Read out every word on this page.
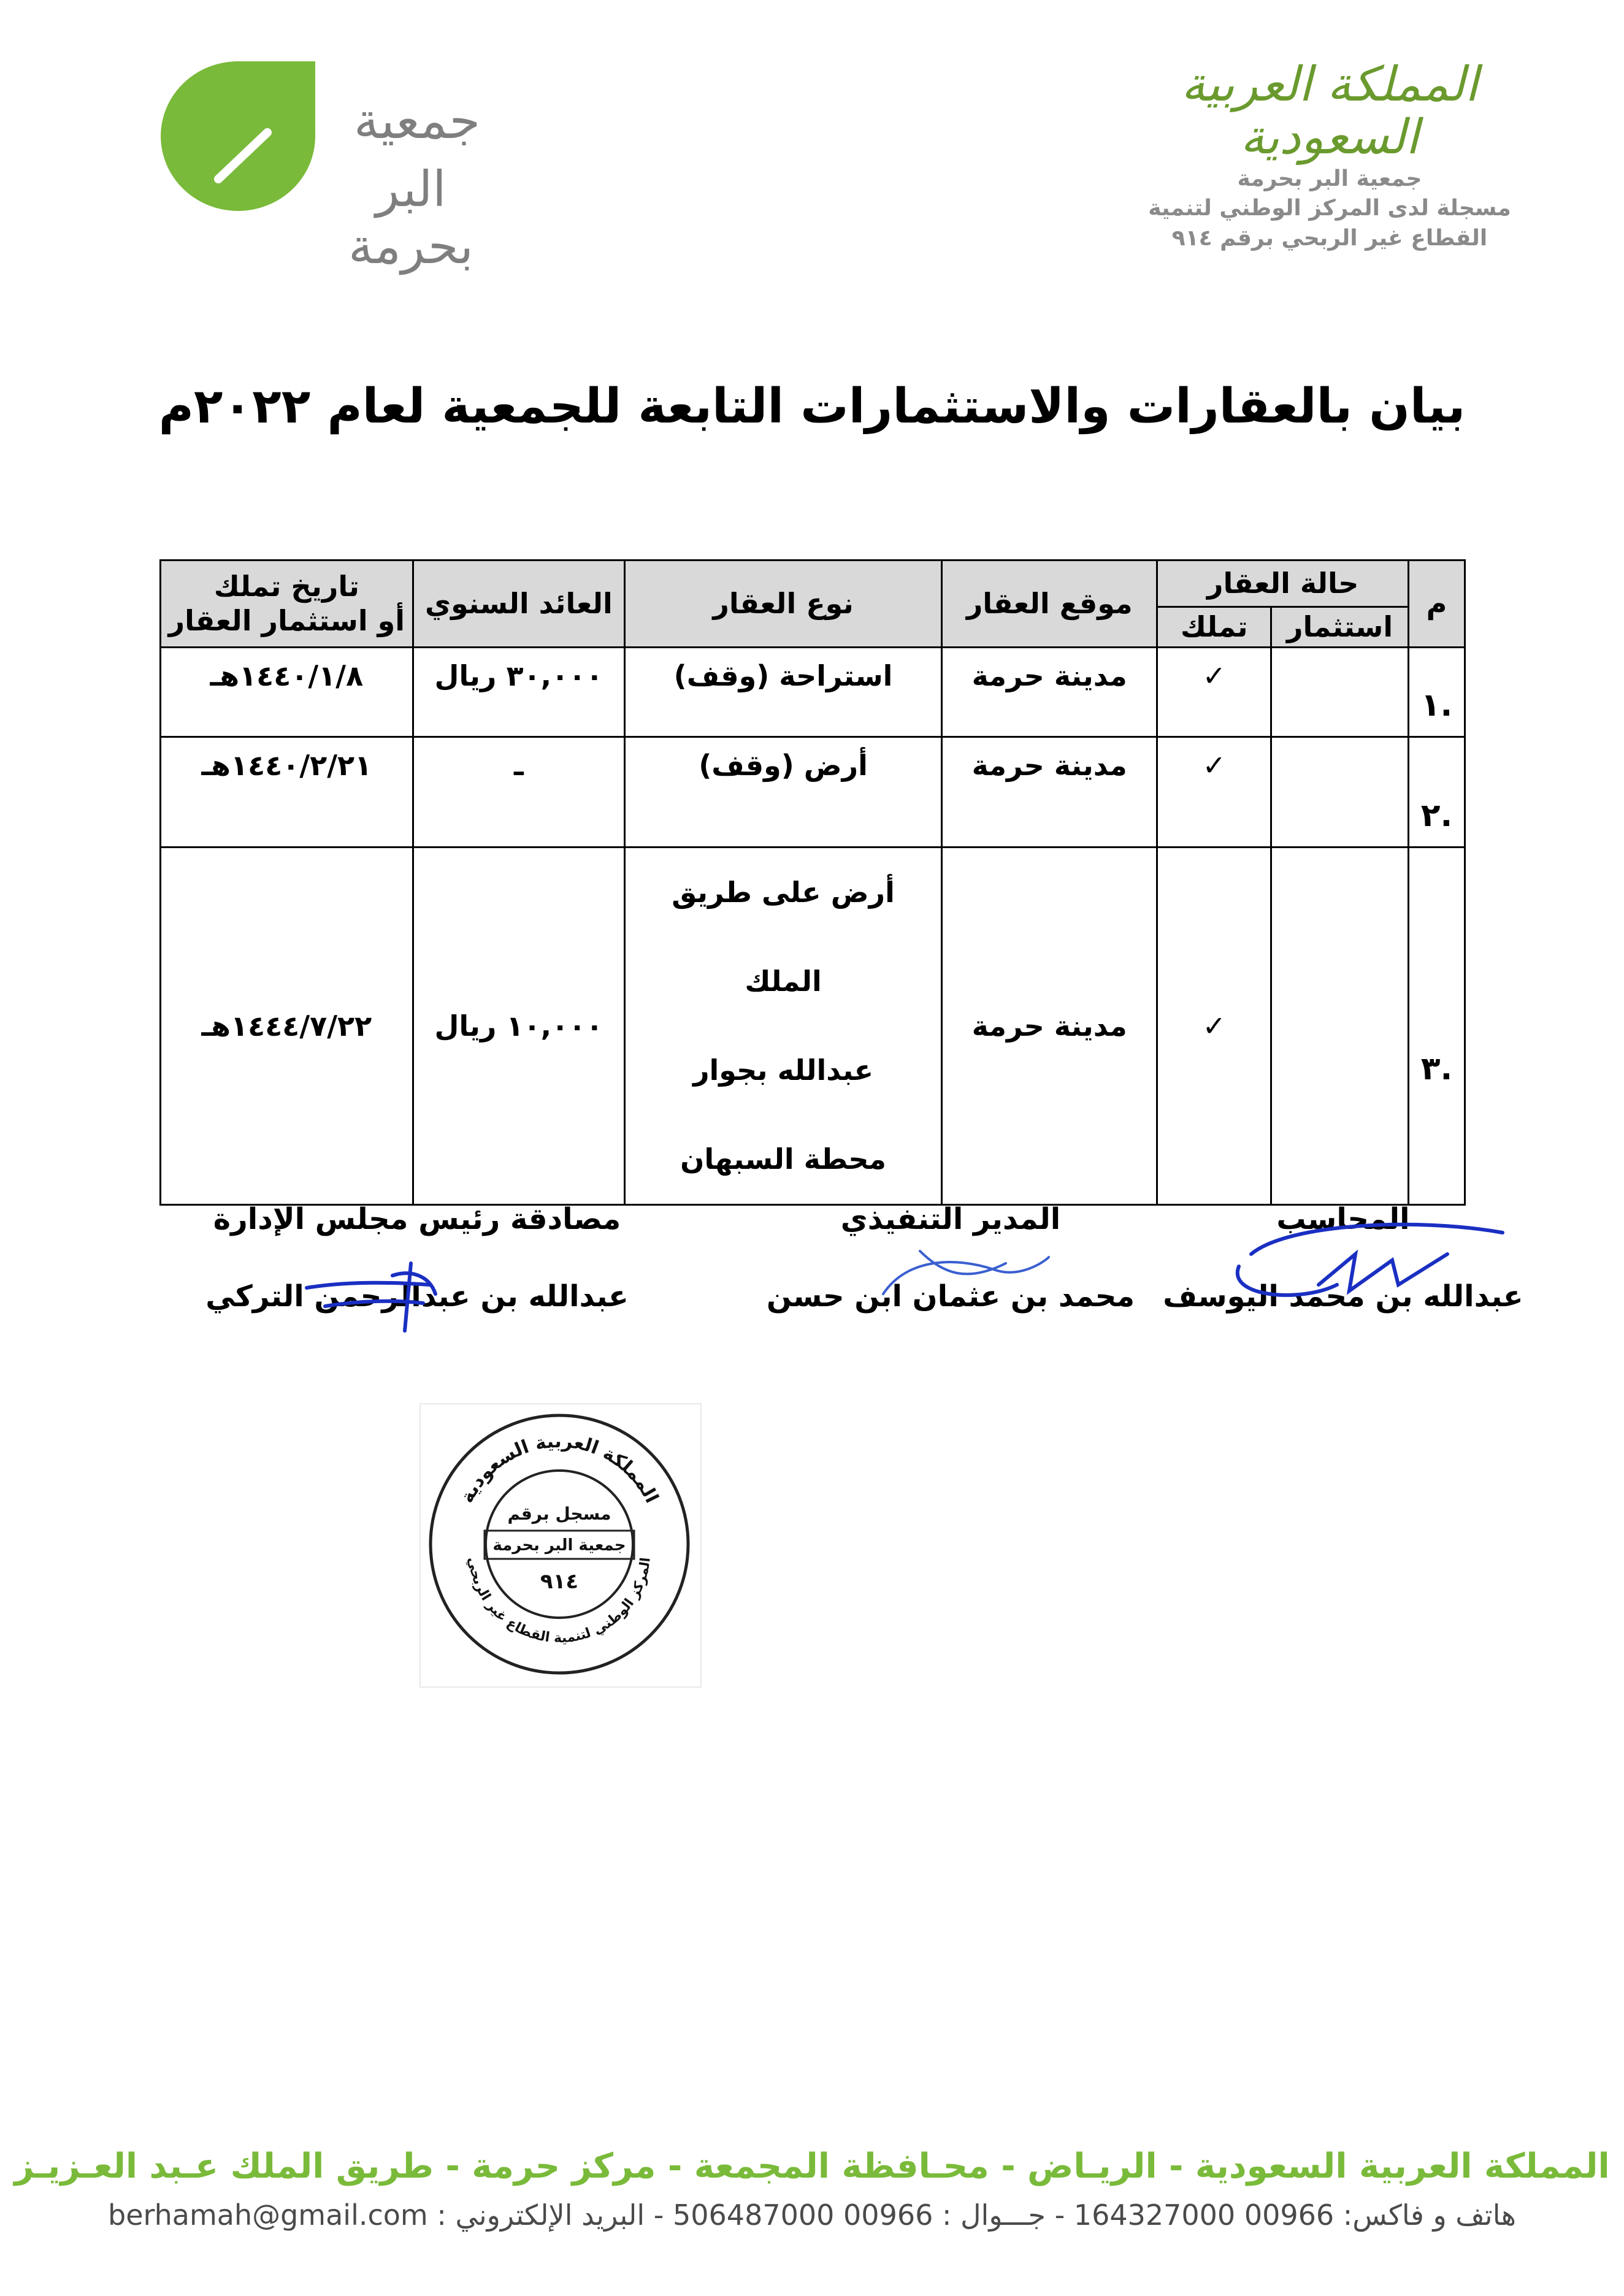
جمعية
البر بحرمة
المملكة العربية السعودية
جمعية البر بحرمة
مسجلة لدى المركز الوطني لتنمية
القطاع غير الربحي برقم ٩١٤
بيان بالعقارات والاستثمارات التابعة للجمعية لعام ٢٠٢٢م
م	حالة العقار		موقع العقار	نوع العقار	العائد السنوي	تاريخ تملك
أو استثمار العقار

	استثمار	تملك				
.١		✓	مدينة حرمة	استراحة (وقف)	٣٠,٠٠٠ ريال	١٤٤٠/١/٨هـ
.٢		✓	مدينة حرمة	أرض (وقف)	ـ	١٤٤٠/٢/٢١هـ
.٣		✓	مدينة حرمة	أرض على طريق الملك
عبدالله بجوار
محطة السبهان	١٠,٠٠٠ ريال	١٤٤٤/٧/٢٢هـ
المحاسب
عبدالله بن محمد اليوسف
المدير التنفيذي
محمد بن عثمان ابن حسن
مصادقة رئيس مجلس الإدارة
عبدالله بن عبدالرحمن التركي
المملكة العربية السعودية
المركز الوطني لتنمية القطاع غير الربحي
مسجل برقم
جمعية البر بحرمة
٩١٤
المملكة العربية السعودية - الريـاض - محـافظة المجمعة - مركز حرمة - طريق الملك عـبد العـزيـز
هاتف و فاكس: 00966 164327000 - جـــوال : 00966 506487000 - البريد الإلكتروني : berhamah@gmail.com
